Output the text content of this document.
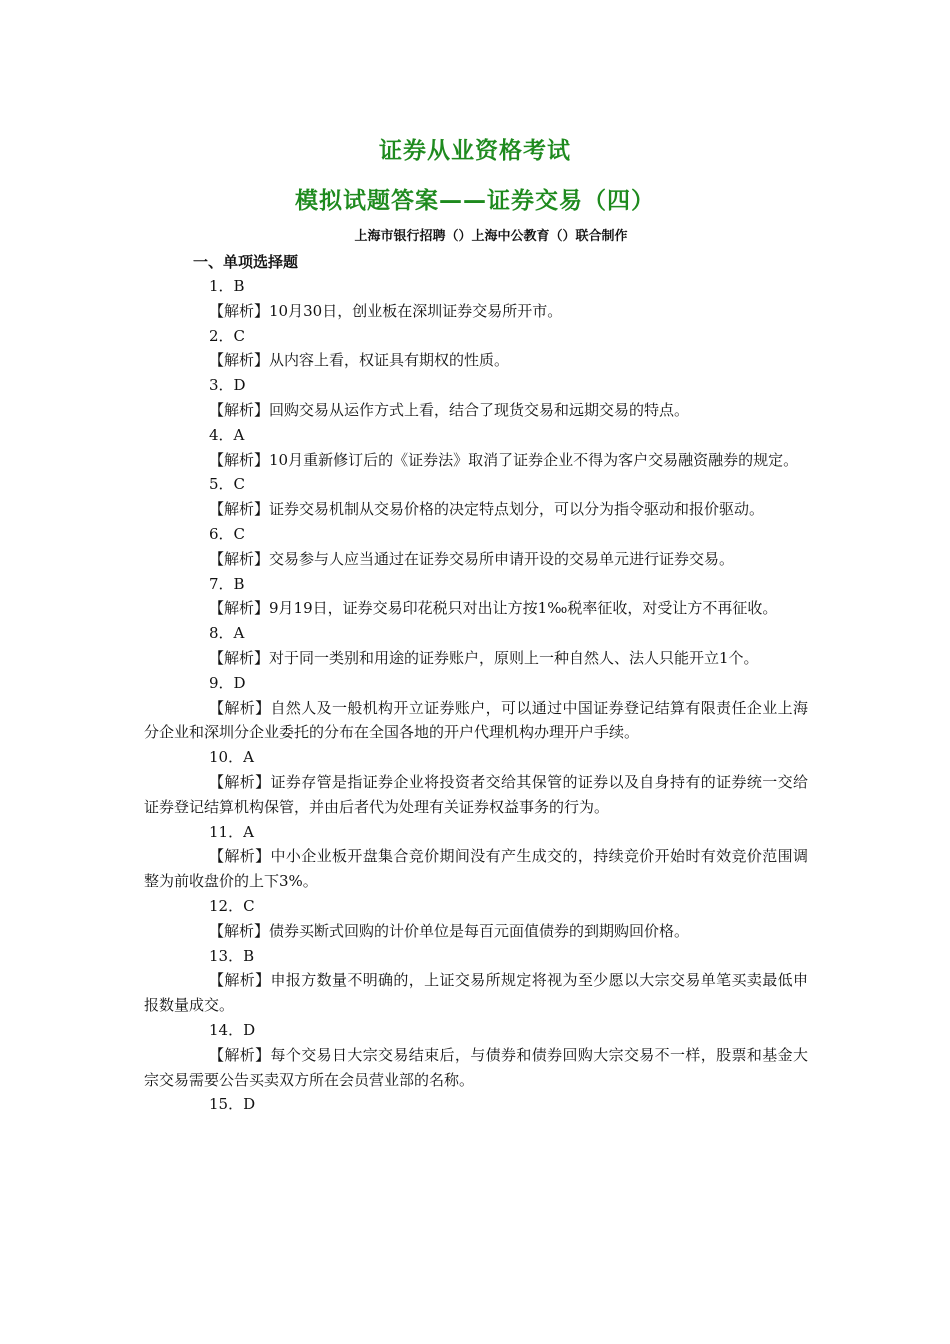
证券从业资格考试
模拟试题答案——证券交易（四）
上海市银行招聘（）上海中公教育（）联合制作
一、单项选择题
1．B
【解析】10月30日，创业板在深圳证券交易所开市。
2．C
【解析】从内容上看，权证具有期权的性质。
3．D
【解析】回购交易从运作方式上看，结合了现货交易和远期交易的特点。
4．A
【解析】10月重新修订后的《证券法》取消了证券企业不得为客户交易融资融券的规定。
5．C
【解析】证券交易机制从交易价格的决定特点划分，可以分为指令驱动和报价驱动。
6．C
【解析】交易参与人应当通过在证券交易所申请开设的交易单元进行证券交易。
7．B
【解析】9月19日，证券交易印花税只对出让方按1‰税率征收，对受让方不再征收。
8．A
【解析】对于同一类别和用途的证券账户，原则上一种自然人、法人只能开立1个。
9．D
【解析】自然人及一般机构开立证券账户，可以通过中国证券登记结算有限责任企业上海分企业和深圳分企业委托的分布在全国各地的开户代理机构办理开户手续。
10．A
【解析】证券存管是指证券企业将投资者交给其保管的证券以及自身持有的证券统一交给证券登记结算机构保管，并由后者代为处理有关证券权益事务的行为。
11．A
【解析】中小企业板开盘集合竞价期间没有产生成交的，持续竞价开始时有效竞价范围调整为前收盘价的上下3%。
12．C
【解析】债券买断式回购的计价单位是每百元面值债券的到期购回价格。
13．B
【解析】申报方数量不明确的，上证交易所规定将视为至少愿以大宗交易单笔买卖最低申报数量成交。
14．D
【解析】每个交易日大宗交易结束后，与债券和债券回购大宗交易不一样，股票和基金大宗交易需要公告买卖双方所在会员营业部的名称。
15．D
